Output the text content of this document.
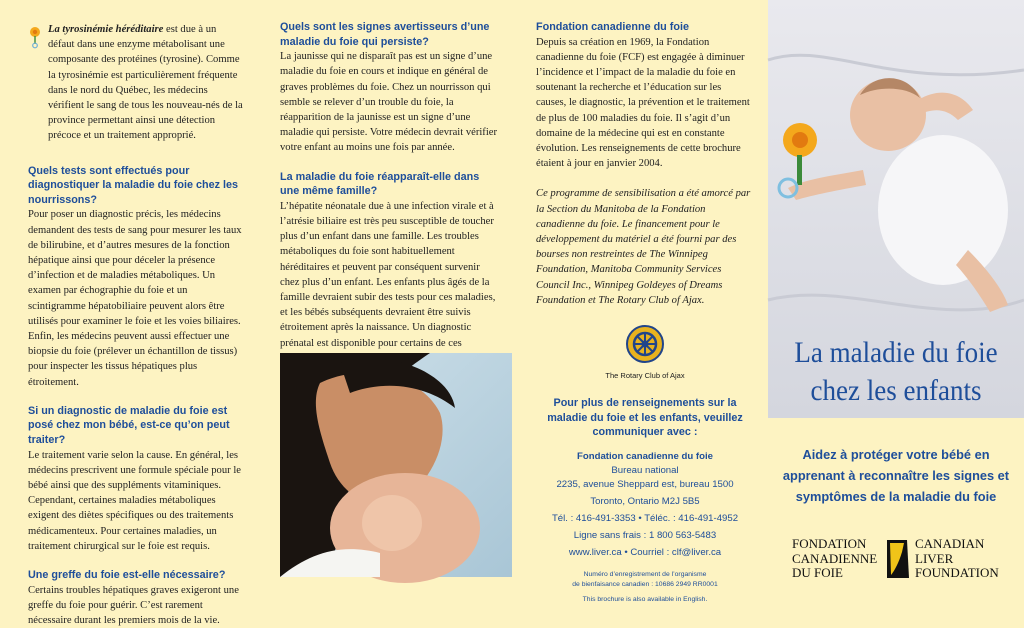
La tyrosinémie héréditaire est due à un défaut dans une enzyme métabolisant une composante des protéines (tyrosine). Comme la tyrosinémie est particulièrement fréquente dans le nord du Québec, les médecins vérifient le sang de tous les nouveau-nés de la province permettant ainsi une détection précoce et un traitement approprié.

Quels tests sont effectués pour diagnostiquer la maladie du foie chez les nourrissons?

Pour poser un diagnostic précis, les médecins demandent des tests de sang pour mesurer les taux de bilirubine, et d’autres mesures de la fonction hépatique ainsi que pour déceler la présence d’infection et de maladies métaboliques. Un examen par échographie du foie et un scintigramme hépatobiliaire peuvent alors être utilisés pour examiner le foie et les voies biliaires. Enfin, les médecins peuvent aussi effectuer une biopsie du foie (prélever un échantillon de tissus) pour inspecter les tissus hépatiques plus étroitement.

Si un diagnostic de maladie du foie est posé chez mon bébé, est-ce qu’on peut traiter?

Le traitement varie selon la cause. En général, les médecins prescrivent une formule spéciale pour le bébé ainsi que des suppléments vitaminiques. Cependant, certaines maladies métaboliques exigent des diètes spécifiques ou des traitements médicamenteux. Pour certaines maladies, un traitement chirurgical sur le foie est requis.

Une greffe du foie est-elle nécessaire?

Certains troubles hépatiques graves exigeront une greffe du foie pour guérir. C’est rarement nécessaire durant les premiers mois de la vie.

Quels sont les signes avertisseurs d’une maladie du foie qui persiste?

La jaunisse qui ne disparaît pas est un signe d’une maladie du foie en cours et indique en général de graves problèmes du foie. Chez un nourrisson qui semble se relever d’un trouble du foie, la réapparition de la jaunisse est un signe d’une maladie qui persiste. Votre médecin devrait vérifier votre enfant au moins une fois par année.

La maladie du foie réapparaît-elle dans une même famille?

L’hépatite néonatale due à une infection virale et à l’atrésie biliaire est très peu susceptible de toucher plus d’un enfant dans une famille. Les troubles métaboliques du foie sont habituellement héréditaires et peuvent par conséquent survenir chez plus d’un enfant. Les enfants plus âgés de la famille devraient subir des tests pour ces maladies, et les bébés subséquents devraient être suivis étroitement après la naissance. Un diagnostic prénatal est disponible pour certains de ces

Fondation canadienne du foie

Depuis sa création en 1969, la Fondation canadienne du foie (FCF) est engagée à diminuer l’incidence et l’impact de la maladie du foie en soutenant la recherche et l’éducation sur les causes, le diagnostic, la prévention et le traitement de plus de 100 maladies du foie. Il s’agit d’un domaine de la médecine qui est en constante évolution. Les renseignements de cette brochure étaient à jour en janvier 2004.

Ce programme de sensibilisation a été amorcé par la Section du Manitoba de la Fondation canadienne du foie. Le financement pour le développement du matériel a été fourni par des bourses non restreintes de The Winnipeg Foundation, Manitoba Community Services Council Inc., Winnipeg Goldeyes of Dreams Foundation et The Rotary Club of Ajax.

The Rotary Club of Ajax
Pour plus de renseignements sur la maladie du foie et les enfants, veuillez communiquer avec :
Fondation canadienne du foie
Bureau national
2235, avenue Sheppard est, bureau 1500
Toronto, Ontario M2J 5B5
Tél. : 416-491-3353 • Téléc. : 416-491-4952
Ligne sans frais : 1 800 563-5483
www.liver.ca • Courriel : clf@liver.ca
Numéro d’enregistrement de l’organisme
de bienfaisance canadien : 10686 2949 RR0001
This brochure is also available in English.
La maladie du foie
chez les enfants
Aidez à protéger votre bébé en apprenant à reconnaître les signes et symptômes de la maladie du foie
FONDATION
CANADIENNE
DU FOIE
CANADIAN
LIVER
FOUNDATION
